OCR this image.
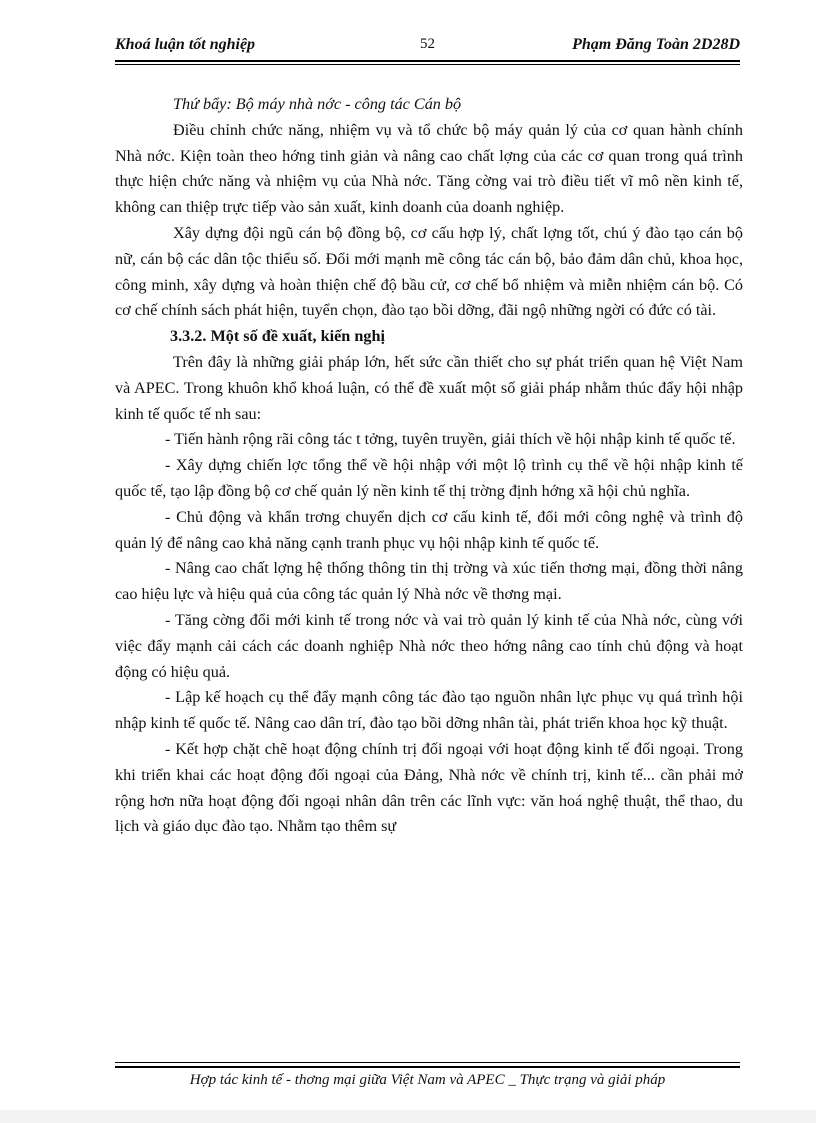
Khoá luận tốt nghiệp	52	Phạm Đăng Toàn 2D28D

Thứ bẩy: Bộ máy nhà nớc - công tác Cán bộ

Điều chỉnh chức năng, nhiệm vụ và tổ chức bộ máy quản lý của cơ quan hành chính Nhà nớc. Kiện toàn theo hớng tinh giản và nâng cao chất lợng của các cơ quan trong quá trình thực hiện chức năng và nhiệm vụ của Nhà nớc. Tăng cờng vai trò điều tiết vĩ mô nền kinh tế, không can thiệp trực tiếp vào sản xuất, kinh doanh của doanh nghiệp.

Xây dựng đội ngũ cán bộ đồng bộ, cơ cấu hợp lý, chất lợng tốt, chú ý đào tạo cán bộ nữ, cán bộ các dân tộc thiểu số. Đổi mới mạnh mẽ công tác cán bộ, bảo đảm dân chủ, khoa học, công minh, xây dựng và hoàn thiện chế độ bầu cử, cơ chế bổ nhiệm và miễn nhiệm cán bộ. Có cơ chế chính sách phát hiện, tuyển chọn, đào tạo bồi dỡng, đãi ngộ những ngời có đức có tài.

3.3.2. Một số đề xuất, kiến nghị

Trên đây là những giải pháp lớn, hết sức cần thiết cho sự phát triển quan hệ Việt Nam và APEC. Trong khuôn khổ khoá luận, có thể đề xuất một số giải pháp nhằm thúc đẩy hội nhập kinh tế quốc tế nh sau:

- Tiến hành rộng rãi công tác t tởng, tuyên truyền, giải thích về hội nhập kinh tế quốc tế.

- Xây dựng chiến lợc tổng thể về hội nhập với một lộ trình cụ thể về hội nhập kinh tế quốc tế, tạo lập đồng bộ cơ chế quản lý nền kinh tế thị trờng định hớng xã hội chủ nghĩa.

- Chủ động và khẩn trơng chuyển dịch cơ cấu kinh tế, đổi mới công nghệ và trình độ quản lý để nâng cao khả năng cạnh tranh phục vụ hội nhập kinh tế quốc tế.

- Nâng cao chất lợng hệ thống thông tin thị trờng và xúc tiến thơng mại, đồng thời nâng cao hiệu lực và hiệu quả của công tác quản lý Nhà nớc về thơng mại.

- Tăng cờng đổi mới kinh tế trong nớc và vai trò quản lý kinh tế của Nhà nớc, cùng với việc đẩy mạnh cải cách các doanh nghiệp Nhà nớc theo hớng nâng cao tính chủ động và hoạt động có hiệu quả.

- Lập kế hoạch cụ thể đẩy mạnh công tác đào tạo nguồn nhân lực phục vụ quá trình hội nhập kinh tế quốc tế. Nâng cao dân trí, đào tạo bồi dỡng nhân tài, phát triển khoa học kỹ thuật.

- Kết hợp chặt chẽ hoạt động chính trị đối ngoại với hoạt động kinh tế đối ngoại. Trong khi triển khai các hoạt động đối ngoại của Đảng, Nhà nớc về chính trị, kinh tế... cần phải mở rộng hơn nữa hoạt động đối ngoại nhân dân trên các lĩnh vực: văn hoá nghệ thuật, thể thao, du lịch và giáo dục đào tạo. Nhằm tạo thêm sự

Hợp tác kinh tế - thơng mại giữa Việt Nam và APEC _ Thực trạng và giải pháp
